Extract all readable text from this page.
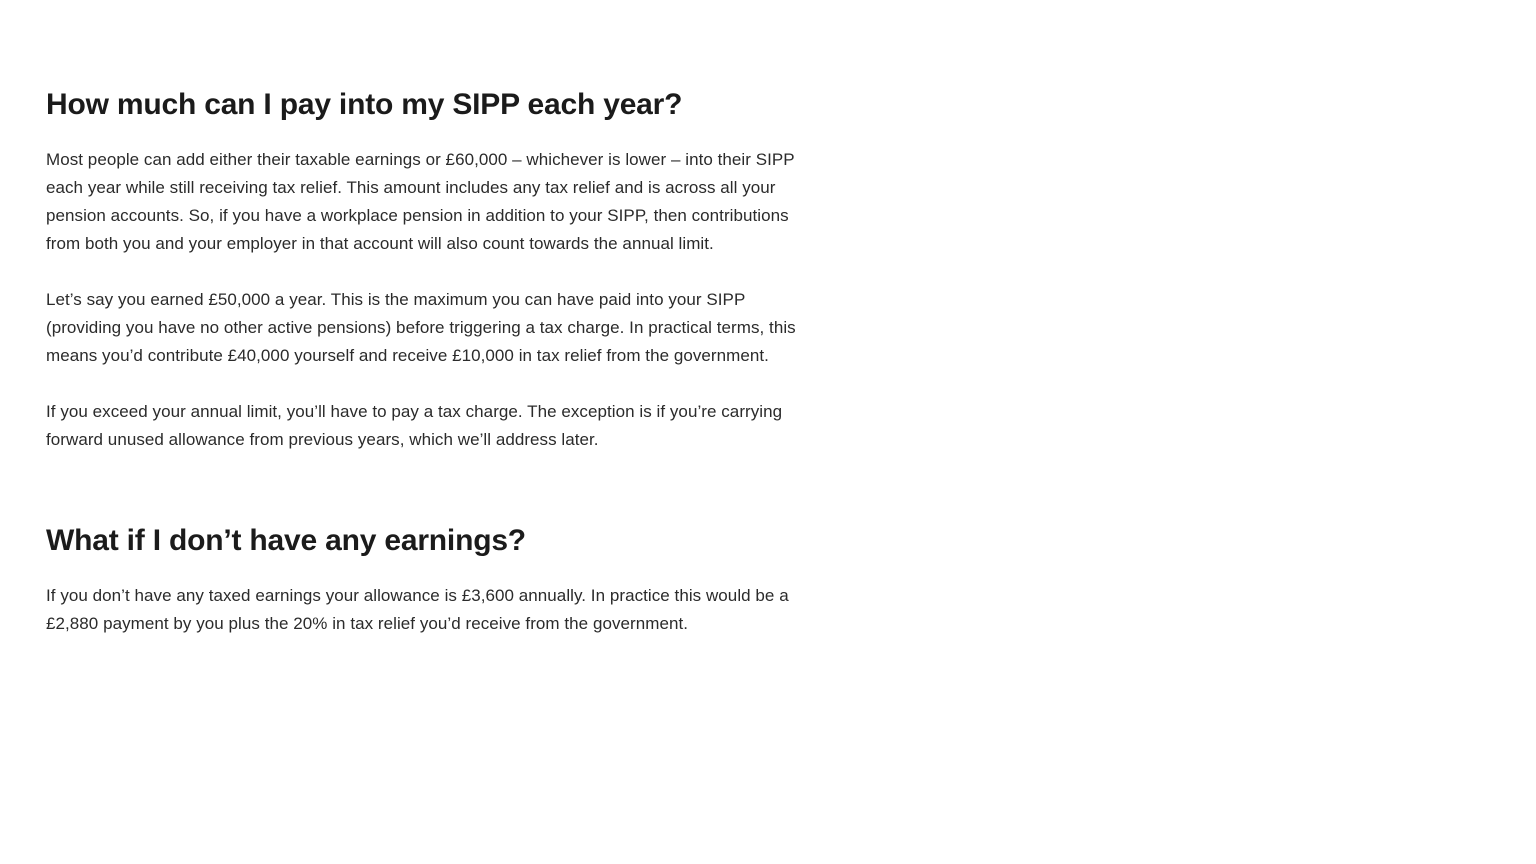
How much can I pay into my SIPP each year?

Most people can add either their taxable earnings or £60,000 – whichever is lower – into their SIPP each year while still receiving tax relief. This amount includes any tax relief and is across all your pension accounts. So, if you have a workplace pension in addition to your SIPP, then contributions from both you and your employer in that account will also count towards the annual limit.

Let’s say you earned £50,000 a year. This is the maximum you can have paid into your SIPP (providing you have no other active pensions) before triggering a tax charge. In practical terms, this means you’d contribute £40,000 yourself and receive £10,000 in tax relief from the government.

If you exceed your annual limit, you’ll have to pay a tax charge. The exception is if you’re carrying forward unused allowance from previous years, which we’ll address later.

What if I don’t have any earnings?

If you don’t have any taxed earnings your allowance is £3,600 annually. In practice this would be a £2,880 payment by you plus the 20% in tax relief you’d receive from the government.
